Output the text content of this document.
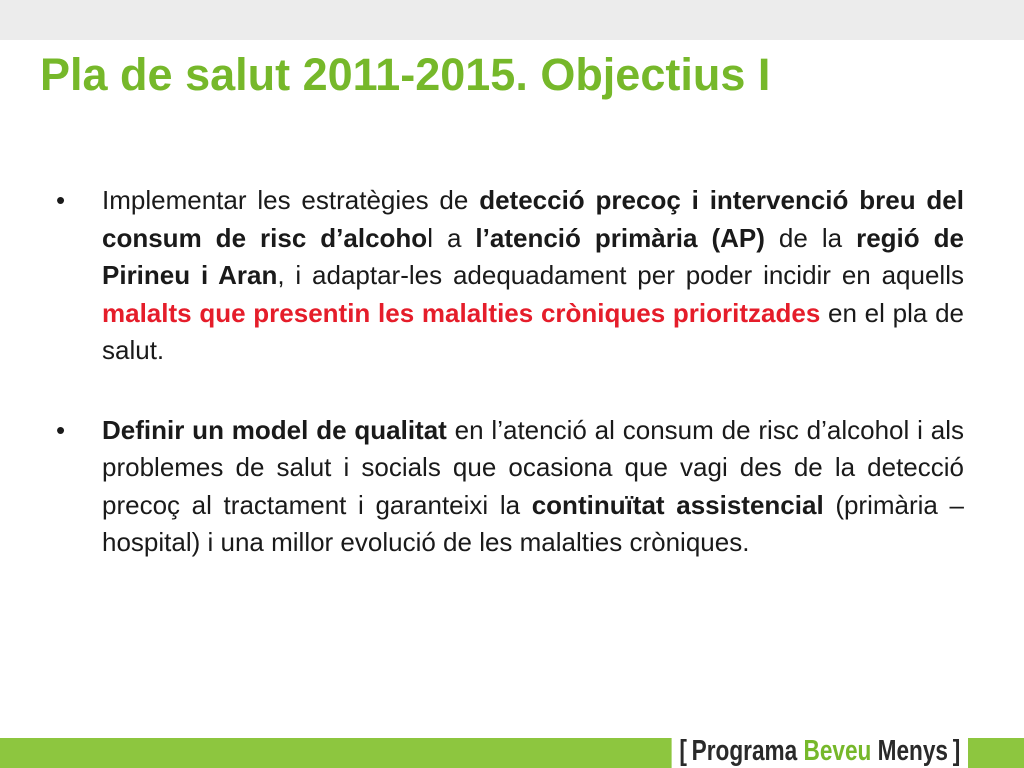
Pla de salut 2011-2015. Objectius I
• Implementar les estratègies de detecció precoç i intervenció breu del consum de risc d’alcohol a l’atenció primària (AP) de la regió de Pirineu i Aran, i adaptar-les adequadament per poder incidir en aquells malalts que presentin les malalties cròniques prioritzades en el pla de salut.
• Definir un model de qualitat en l’atenció al consum de risc d’alcohol i als problemes de salut i socials que ocasiona que vagi des de la detecció precoç al tractament i garanteixi la continuïtat assistencial (primària – hospital) i una millor evolució de les malalties cròniques.
[ Programa Beveu Menys ]
